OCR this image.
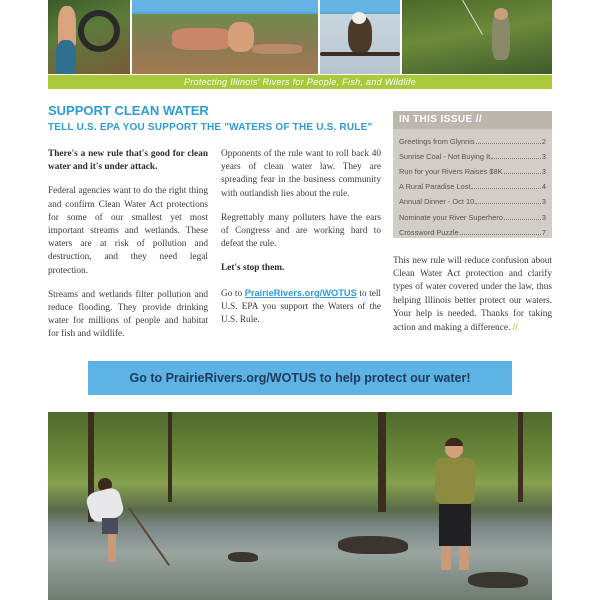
Protecting Illinois' Rivers for People, Fish, and Wildlife
SUPPORT CLEAN WATER
TELL U.S. EPA YOU SUPPORT THE "WATERS OF THE U.S. RULE"

There's a new rule that's good for clean water and it's under attack.

Federal agencies want to do the right thing and confirm Clean Water Act protections for some of our smallest yet most important streams and wetlands. These waters are at risk of pollution and destruction, and they need legal protection.

Streams and wetlands filter pollution and reduce flooding. They provide drinking water for millions of people and habitat for fish and wildlife.

Opponents of the rule want to roll back 40 years of clean water law. They are spreading fear in the business community with outlandish lies about the rule.

Regrettably many polluters have the ears of Congress and are working hard to defeat the rule.

Let's stop them.

Go to PrairieRivers.org/WOTUS to tell U.S. EPA you support the Waters of the U.S. Rule.

IN THIS ISSUE //
Greetings from Glynnis	2
Sunrise Coal - Not Buying It	3
Run for your Rivers Raises $8K	3
A Rural Paradise Lost	4
Annual Dinner - Oct 10	3
Nominate your River Superhero	3
Crossword Puzzle	7

This new rule will reduce confusion about Clean Water Act protection and clarify types of water covered under the law, thus helping Illinois better protect our waters. Your help is needed. Thanks for taking action and making a difference. //

Go to PrairieRivers.org/WOTUS to help protect our water!
